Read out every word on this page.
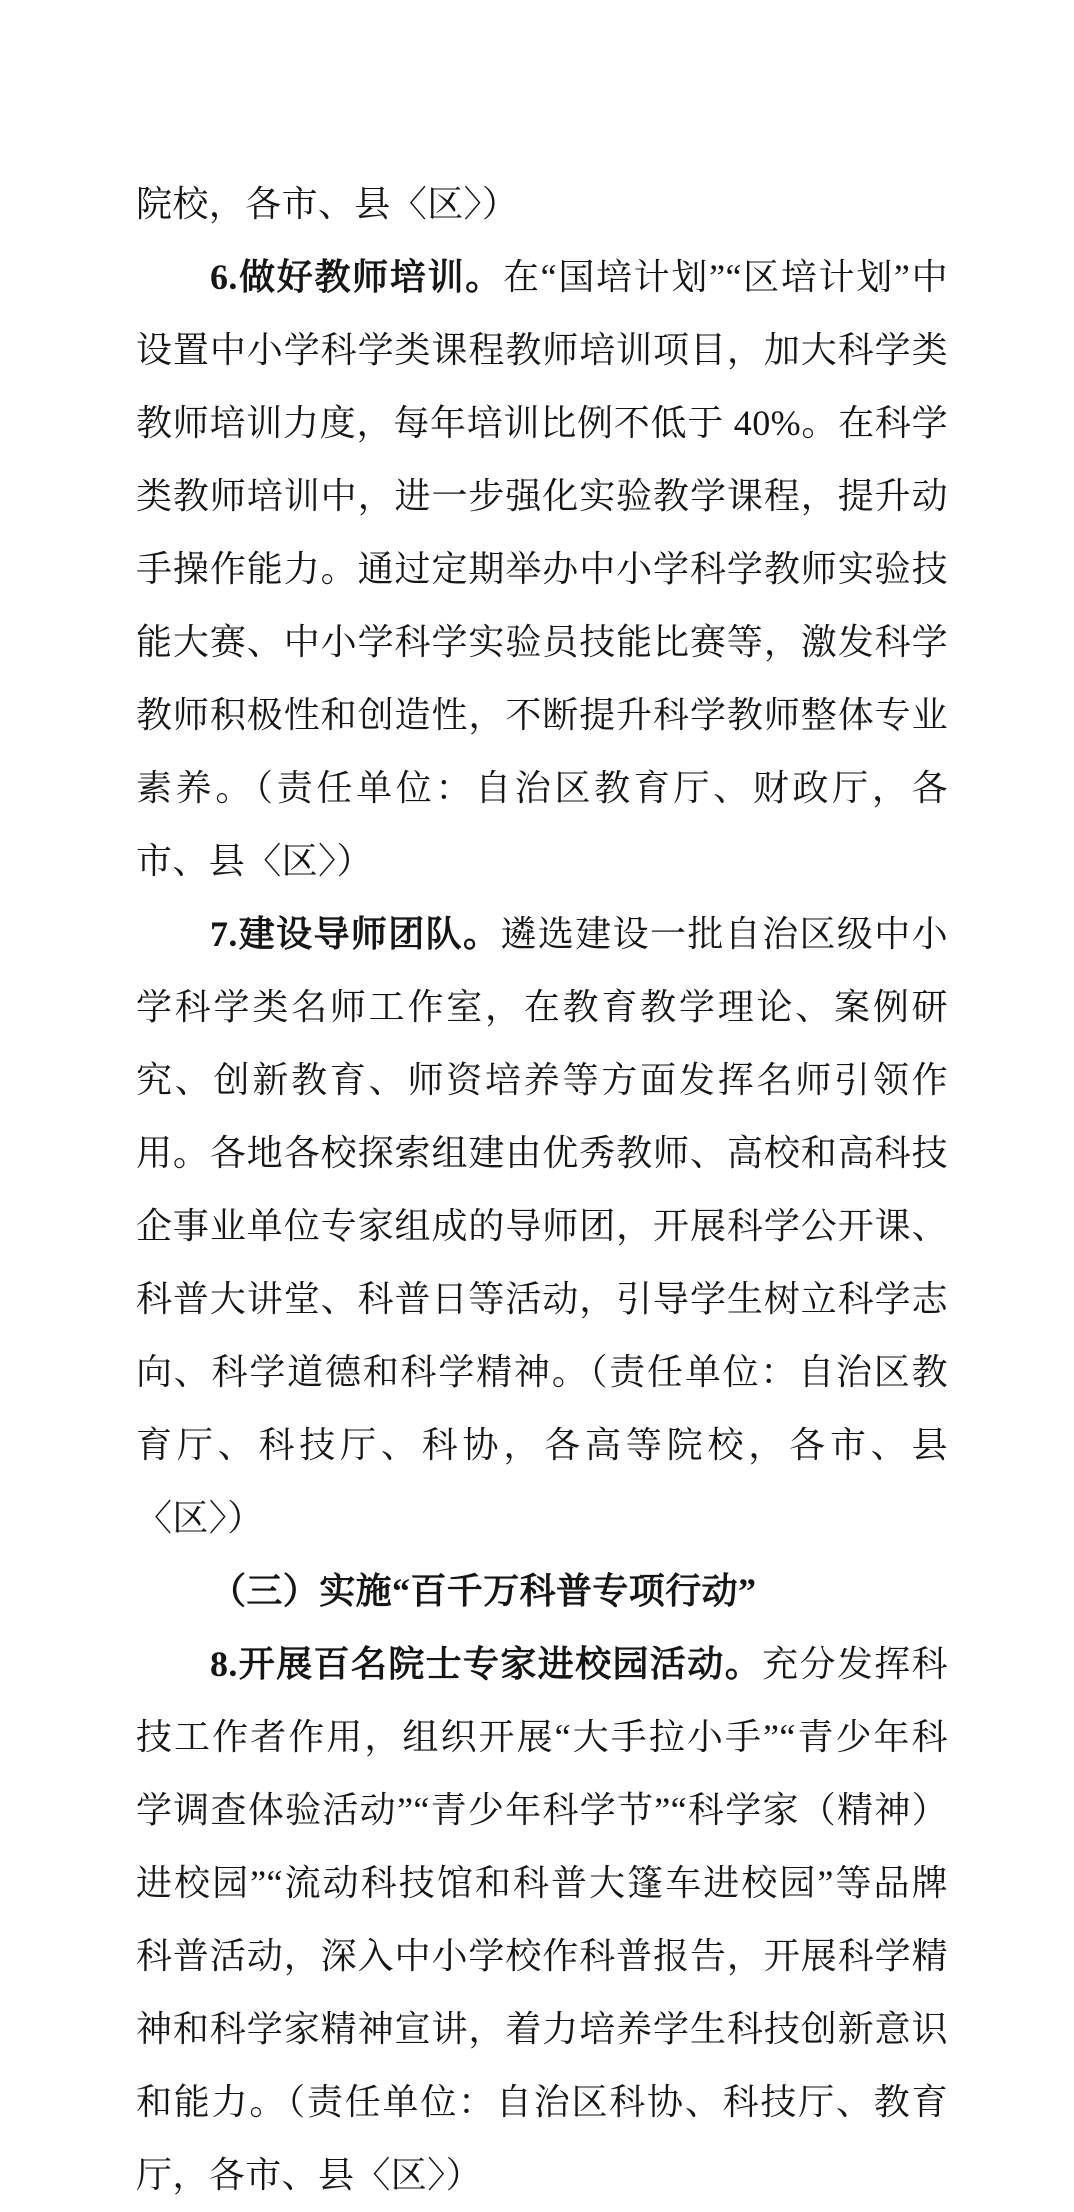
院校，各市、县〈区〉）

6.做好教师培训。在“国培计划”“区培计划”中设置中小学科学类课程教师培训项目，加大科学类教师培训力度，每年培训比例不低于 40%。在科学类教师培训中，进一步强化实验教学课程，提升动手操作能力。通过定期举办中小学科学教师实验技能大赛、中小学科学实验员技能比赛等，激发科学教师积极性和创造性，不断提升科学教师整体专业素养。（责任单位：自治区教育厅、财政厅，各市、县〈区〉）

7.建设导师团队。遴选建设一批自治区级中小学科学类名师工作室，在教育教学理论、案例研究、创新教育、师资培养等方面发挥名师引领作用。各地各校探索组建由优秀教师、高校和高科技企事业单位专家组成的导师团，开展科学公开课、科普大讲堂、科普日等活动，引导学生树立科学志向、科学道德和科学精神。（责任单位：自治区教育厅、科技厅、科协，各高等院校，各市、县〈区〉）

（三）实施“百千万科普专项行动”

8.开展百名院士专家进校园活动。充分发挥科技工作者作用，组织开展“大手拉小手”“青少年科学调查体验活动”“青少年科学节”“科学家（精神）进校园”“流动科技馆和科普大篷车进校园”等品牌科普活动，深入中小学校作科普报告，开展科学精神和科学家精神宣讲，着力培养学生科技创新意识和能力。（责任单位：自治区科协、科技厅、教育厅，各市、县〈区〉）
